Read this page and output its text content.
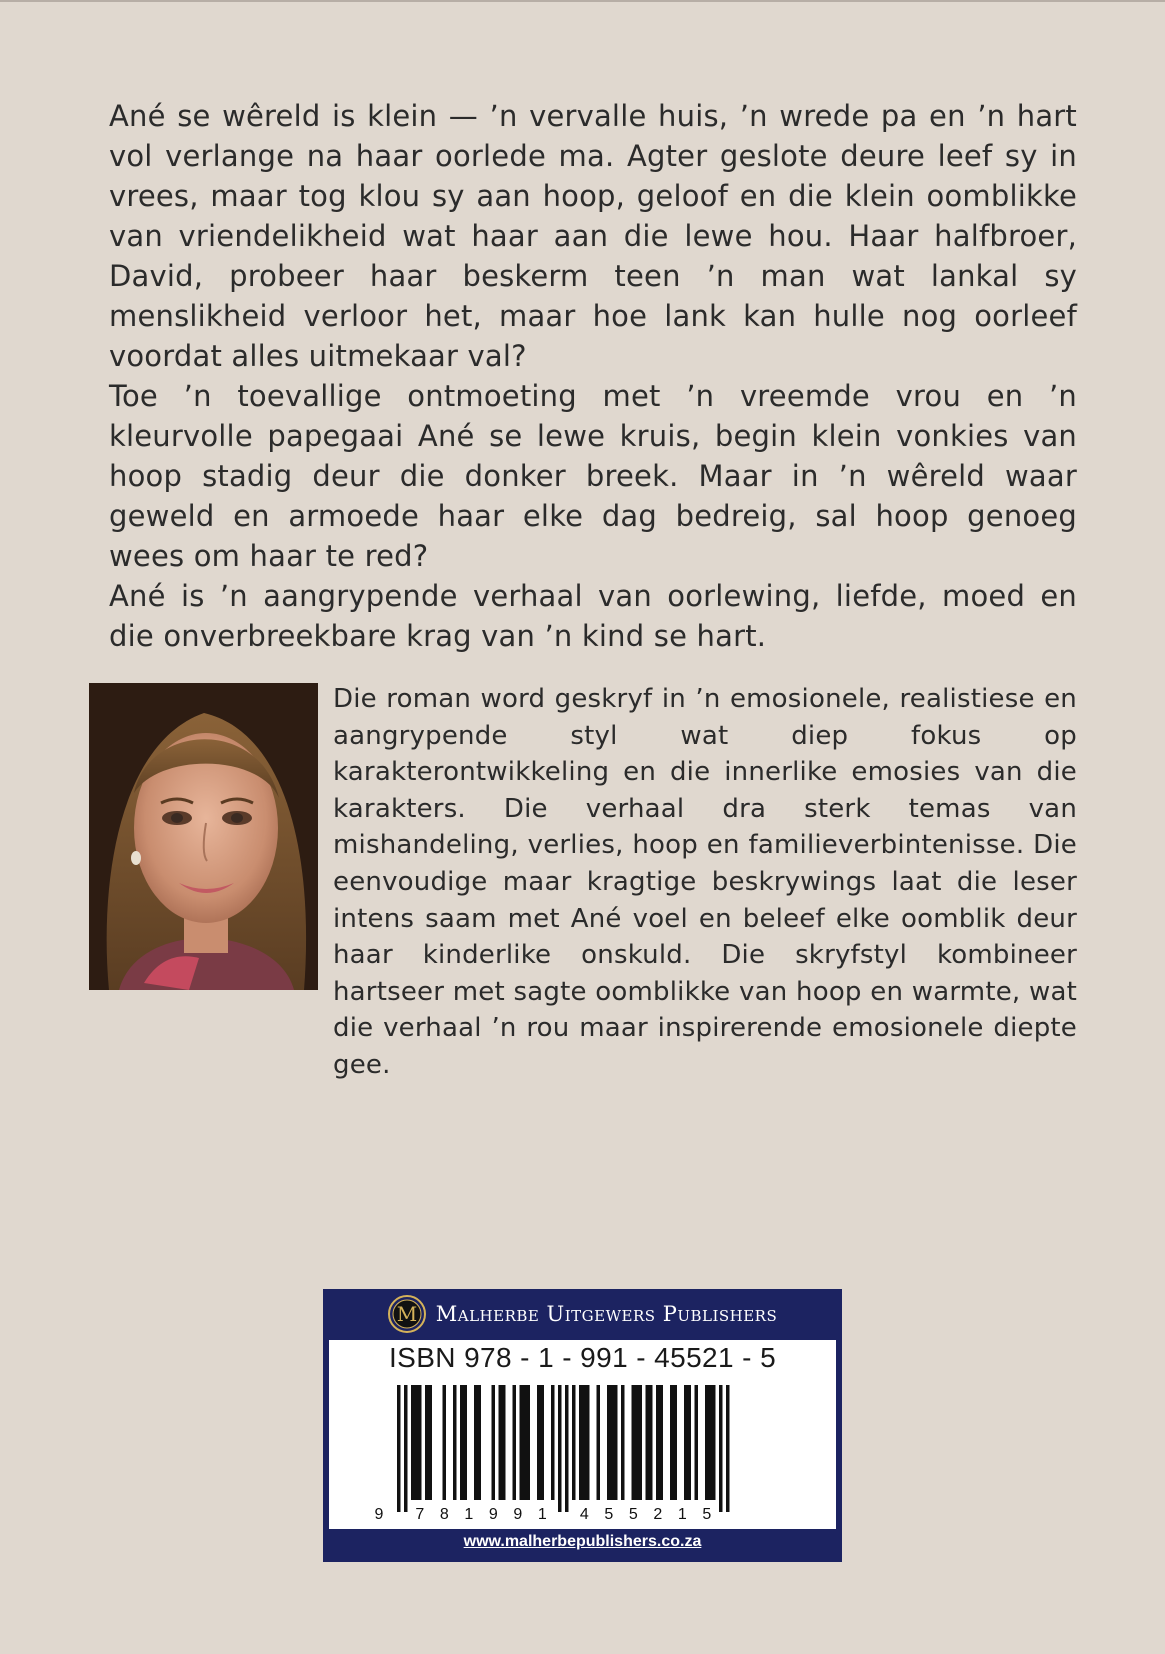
Ané se wêreld is klein — ’n vervalle huis, ’n wrede pa en ’n hart vol verlange na haar oorlede ma. Agter geslote deure leef sy in vrees, maar tog klou sy aan hoop, geloof en die klein oomblikke van vriendelikheid wat haar aan die lewe hou. Haar halfbroer, David, probeer haar beskerm teen ’n man wat lankal sy menslikheid verloor het, maar hoe lank kan hulle nog oorleef voordat alles uitmekaar val?

Toe ’n toevallige ontmoeting met ’n vreemde vrou en ’n kleurvolle papegaai Ané se lewe kruis, begin klein vonkies van hoop stadig deur die donker breek. Maar in ’n wêreld waar geweld en armoede haar elke dag bedreig, sal hoop genoeg wees om haar te red?

Ané is ’n aangrypende verhaal van oorlewing, liefde, moed en die onverbreekbare krag van ’n kind se hart.

Die roman word geskryf in ’n emosionele, realistiese en aangrypende styl wat diep fokus op karakterontwikkeling en die innerlike emosies van die karakters. Die verhaal dra sterk temas van mishandeling, verlies, hoop en familieverbintenisse. Die eenvoudige maar kragtige beskrywings laat die leser intens saam met Ané voel en beleef elke oomblik deur haar kinderlike onskuld. Die skryfstyl kombineer hartseer met sagte oomblikke van hoop en warmte, wat die verhaal ’n rou maar inspirerende emosionele diepte gee.

M Malherbe Uitgewers Publishers
ISBN 978 - 1 - 991 - 45521 - 5
9 7 8 1 9 9 1 4 5 5 2 1 5
www.malherbepublishers.co.za
